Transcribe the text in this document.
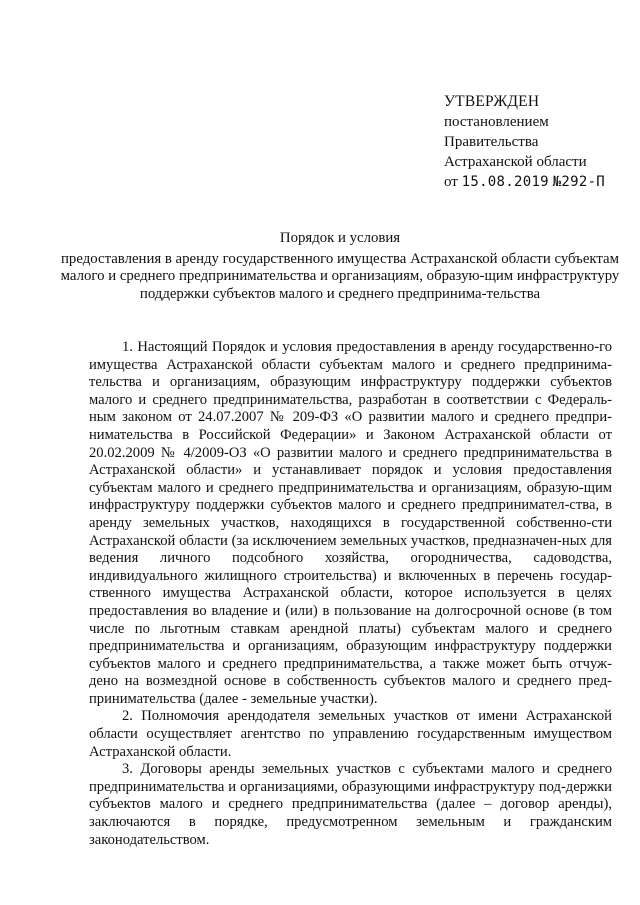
УТВЕРЖДЕН
постановлением
Правительства
Астраханской области
от 15.08.2019 №292-П
Порядок и условия
предоставления в аренду государственного имущества Астраханской области субъектам малого и среднего предпринимательства и организациям, образую-щим инфраструктуру поддержки субъектов малого и среднего предпринима-тельства

1. Настоящий Порядок и условия предоставления в аренду государственно-го имущества Астраханской области субъектам малого и среднего предпринима-тельства и организациям, образующим инфраструктуру поддержки субъектов малого и среднего предпринимательства, разработан в соответствии с Федераль-ным законом от 24.07.2007 № 209-ФЗ «О развитии малого и среднего предпри-нимательства в Российской Федерации» и Законом Астраханской области от 20.02.2009 № 4/2009-ОЗ «О развитии малого и среднего предпринимательства в Астраханской области» и устанавливает порядок и условия предоставления субъектам малого и среднего предпринимательства и организациям, образую-щим инфраструктуру поддержки субъектов малого и среднего предпринимател-ства, в аренду земельных участков, находящихся в государственной собственно-сти Астраханской области (за исключением земельных участков, предназначен-ных для ведения личного подсобного хозяйства, огородничества, садоводства, индивидуального жилищного строительства) и включенных в перечень государ-ственного имущества Астраханской области, которое используется в целях предоставления во владение и (или) в пользование на долгосрочной основе (в том числе по льготным ставкам арендной платы) субъектам малого и среднего предпринимательства и организациям, образующим инфраструктуру поддержки субъектов малого и среднего предпринимательства, а также может быть отчуж-дено на возмездной основе в собственность субъектов малого и среднего пред-принимательства (далее - земельные участки).

2. Полномочия арендодателя земельных участков от имени Астраханской области осуществляет агентство по управлению государственным имуществом Астраханской области.

3. Договоры аренды земельных участков с субъектами малого и среднего предпринимательства и организациями, образующими инфраструктуру под-держки субъектов малого и среднего предпринимательства (далее – договор аренды), заключаются в порядке, предусмотренном земельным и гражданским законодательством.
